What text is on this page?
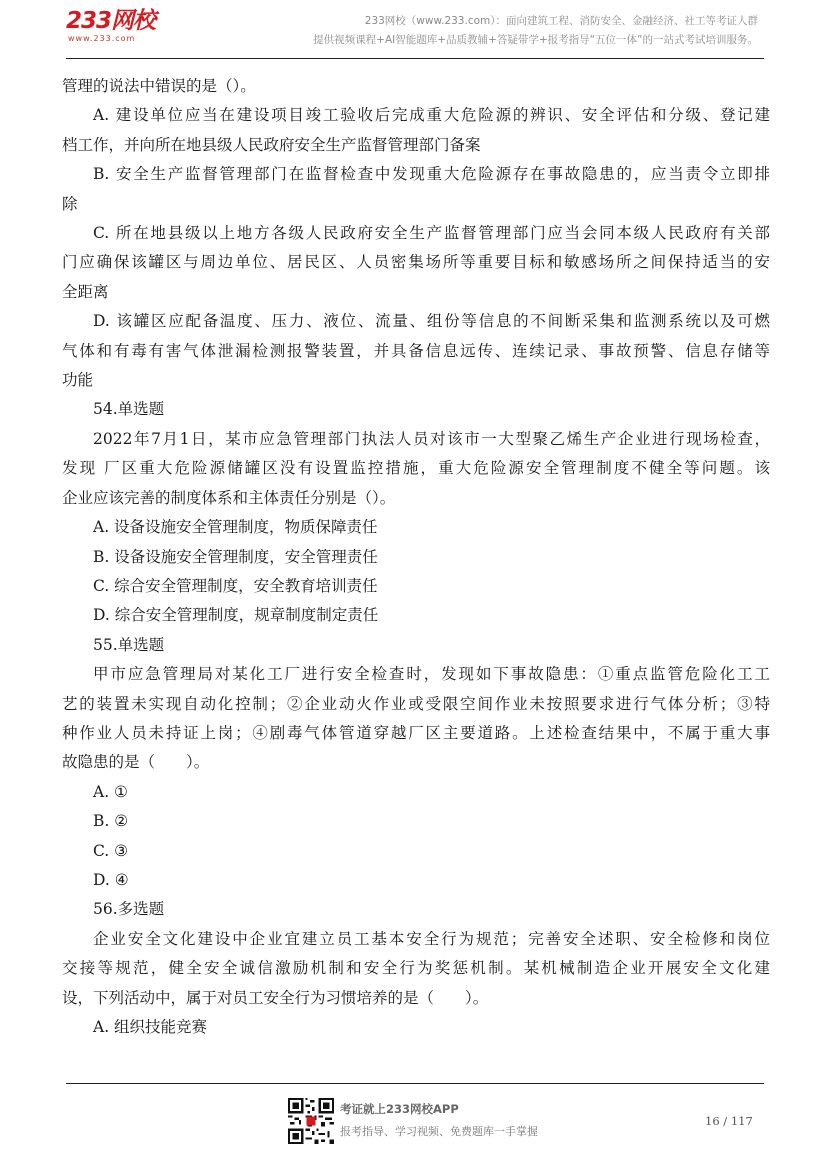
233网校
www.233.com
233网校（www.233.com）：面向建筑工程、消防安全、金融经济、社工等考证人群
提供视频课程+AI智能题库+品质教辅+答疑带学+报考指导“五位一体”的一站式考试培训服务。
管理的说法中错误的是（）。
A. 建设单位应当在建设项目竣工验收后完成重大危险源的辨识、安全评估和分级、登记建
档工作，并向所在地县级人民政府安全生产监督管理部门备案
B. 安全生产监督管理部门在监督检查中发现重大危险源存在事故隐患的，应当责令立即排
除
C. 所在地县级以上地方各级人民政府安全生产监督管理部门应当会同本级人民政府有关部
门应确保该罐区与周边单位、居民区、人员密集场所等重要目标和敏感场所之间保持适当的安
全距离
D. 该罐区应配备温度、压力、液位、流量、组份等信息的不间断采集和监测系统以及可燃
气体和有毒有害气体泄漏检测报警装置，并具备信息远传、连续记录、事故预警、信息存储等
功能
54.单选题
2022年7月1日，某市应急管理部门执法人员对该市一大型聚乙烯生产企业进行现场检查，
发现 厂区重大危险源储罐区没有设置监控措施，重大危险源安全管理制度不健全等问题。该
企业应该完善的制度体系和主体责任分别是（）。
A. 设备设施安全管理制度，物质保障责任
B. 设备设施安全管理制度，安全管理责任
C. 综合安全管理制度，安全教育培训责任
D. 综合安全管理制度，规章制度制定责任
55.单选题
甲市应急管理局对某化工厂进行安全检查时，发现如下事故隐患：①重点监管危险化工工
艺的装置未实现自动化控制；②企业动火作业或受限空间作业未按照要求进行气体分析；③特
种作业人员未持证上岗；④剧毒气体管道穿越厂区主要道路。上述检查结果中，不属于重大事
故隐患的是（　　）。
A. ①
B. ②
C. ③
D. ④
56.多选题
企业安全文化建设中企业宜建立员工基本安全行为规范；完善安全述职、安全检修和岗位
交接等规范，健全安全诚信激励机制和安全行为奖惩机制。某机械制造企业开展安全文化建
设，下列活动中，属于对员工安全行为习惯培养的是（　　）。
A. 组织技能竞赛
考证就上233网校APP
报考指导、学习视频、免费题库一手掌握
16 / 117
